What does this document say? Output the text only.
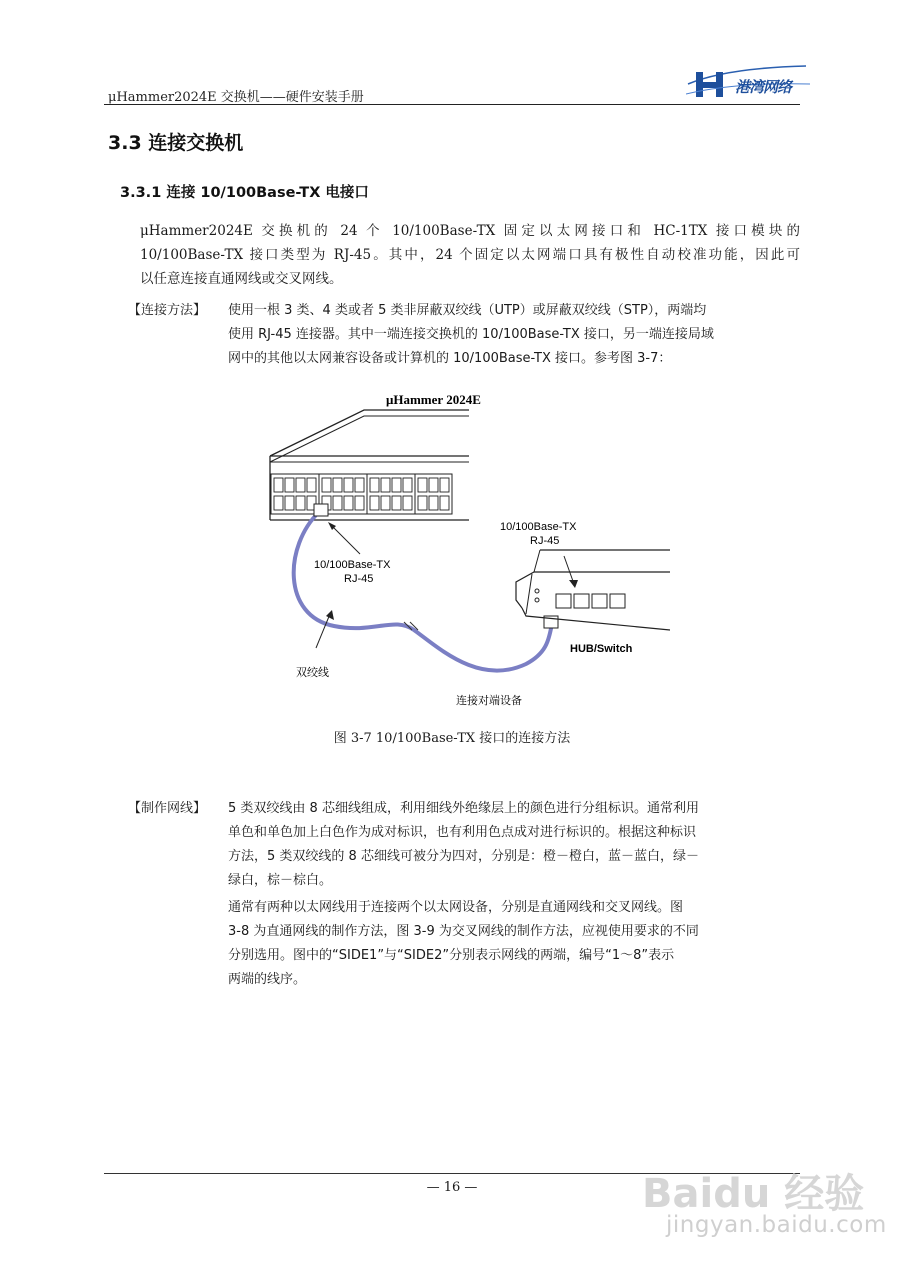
μHammer2024E 交换机——硬件安装手册
港湾网络
3.3 连接交换机
3.3.1 连接 10/100Base-TX 电接口
μHammer2024E 交换机的 24 个 10/100Base-TX 固定以太网接口和 HC-1TX 接口模块的
10/100Base-TX 接口类型为 RJ-45。其中，24 个固定以太网端口具有极性自动校准功能，因此可
以任意连接直通网线或交叉网线。
【连接方法】 使用一根 3 类、4 类或者 5 类非屏蔽双绞线（UTP）或屏蔽双绞线（STP），两端均
使用 RJ-45 连接器。其中一端连接交换机的 10/100Base-TX 接口，另一端连接局域
网中的其他以太网兼容设备或计算机的 10/100Base-TX 接口。参考图 3-7：
μHammer 2024E
10/100Base-TX
RJ-45
10/100Base-TX
RJ-45
HUB/Switch
双绞线
连接对端设备
图 3-7 10/100Base-TX 接口的连接方法
【制作网线】 5 类双绞线由 8 芯细线组成，利用细线外绝缘层上的颜色进行分组标识。通常利用
单色和单色加上白色作为成对标识，也有利用色点成对进行标识的。根据这种标识
方法，5 类双绞线的 8 芯细线可被分为四对，分别是：橙－橙白，蓝－蓝白，绿－
绿白，棕－棕白。
通常有两种以太网线用于连接两个以太网设备，分别是直通网线和交叉网线。图
3-8 为直通网线的制作方法，图 3-9 为交叉网线的制作方法，应视使用要求的不同
分别选用。图中的“SIDE1”与“SIDE2”分别表示网线的两端，编号“1～8”表示
两端的线序。
— 16 —	Baidu 经验
jingyan.baidu.com
